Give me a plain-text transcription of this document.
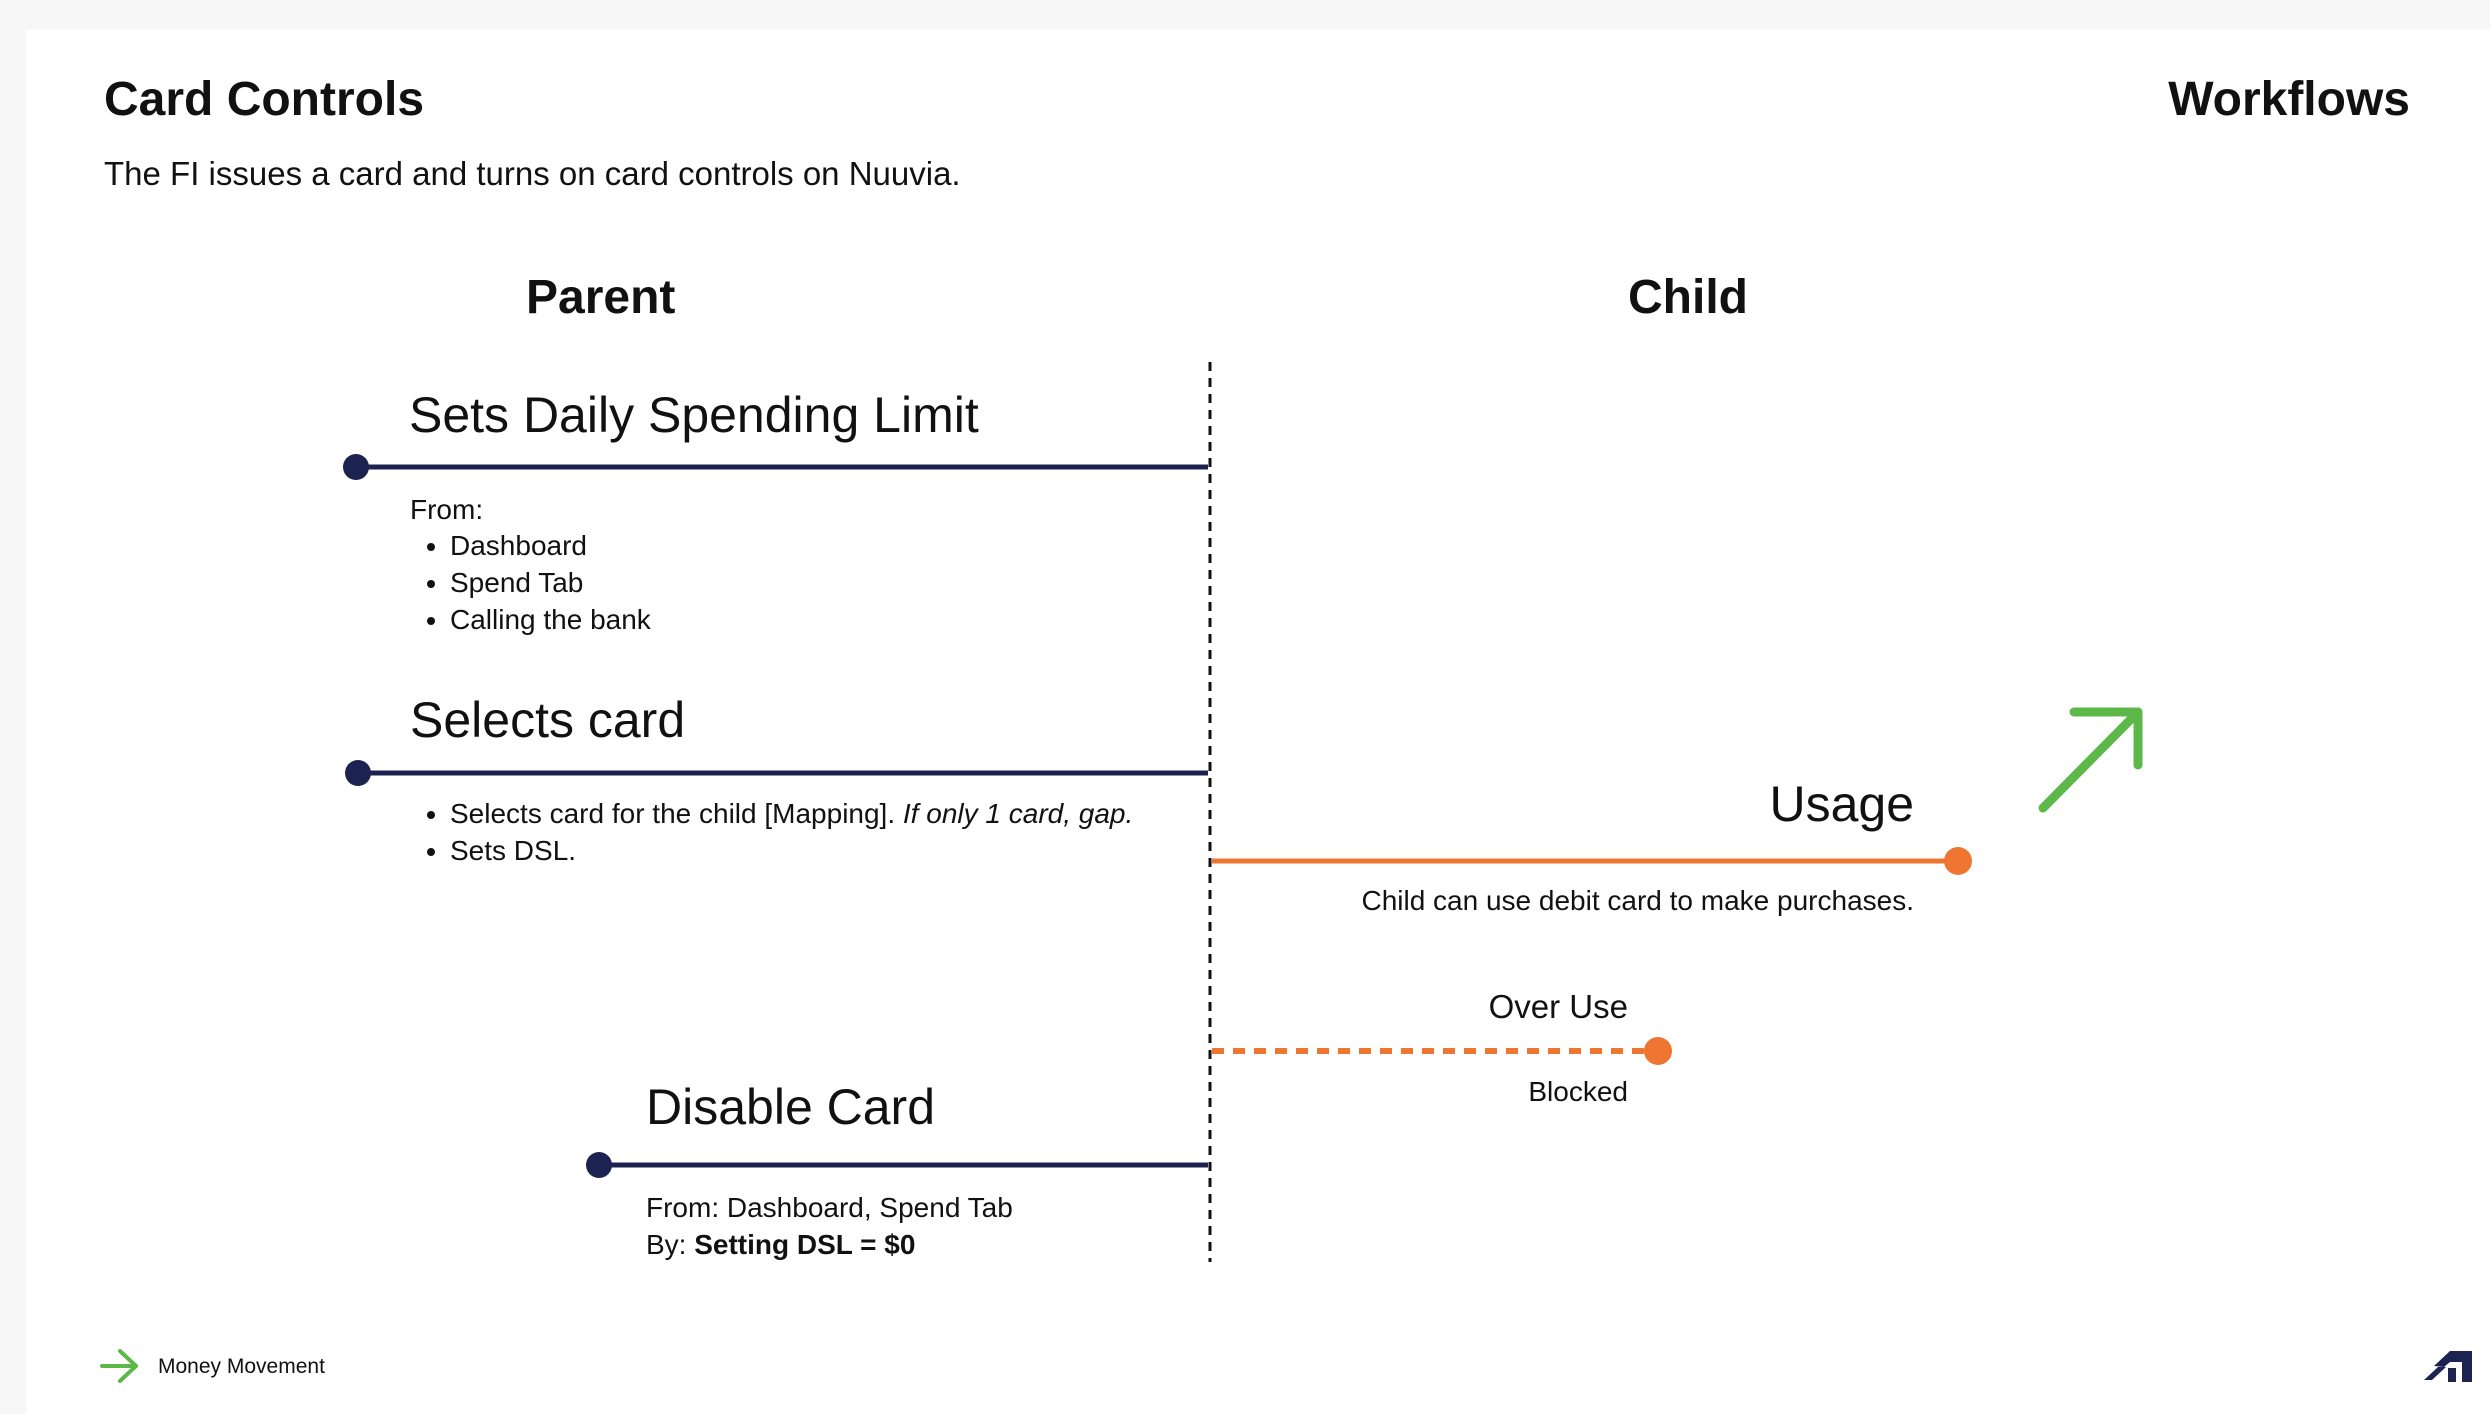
Card Controls	Workflows
The FI issues a card and turns on card controls on Nuuvia.
Parent	Child
Sets Daily Spending Limit
From:
• Dashboard
• Spend Tab
• Calling the bank
Selects card
• Selects card for the child [Mapping]. If only 1 card, gap.
• Sets DSL.
Usage
Child can use debit card to make purchases.
Over Use
Blocked
Disable Card
From: Dashboard, Spend Tab
By: Setting DSL = $0
Money Movement
